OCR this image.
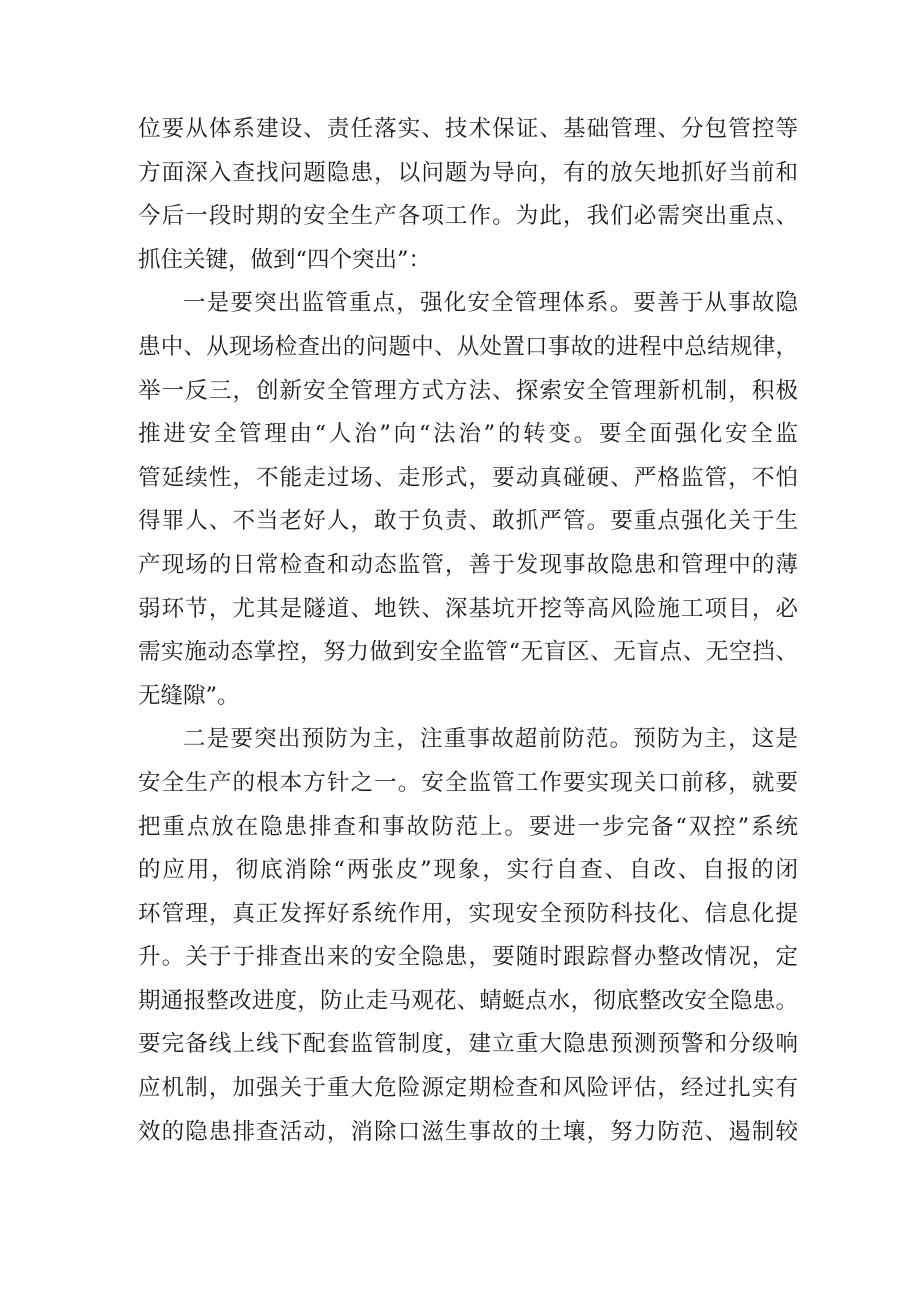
位要从体系建设、责任落实、技术保证、基础管理、分包管控等
方面深入查找问题隐患，以问题为导向，有的放矢地抓好当前和
今后一段时期的安全生产各项工作。为此，我们必需突出重点、
抓住关键，做到“四个突出”：
一是要突出监管重点，强化安全管理体系。要善于从事故隐
患中、从现场检查出的问题中、从处置口事故的进程中总结规律，
举一反三，创新安全管理方式方法、探索安全管理新机制，积极
推进安全管理由“人治”向“法治”的转变。要全面强化安全监
管延续性，不能走过场、走形式，要动真碰硬、严格监管，不怕
得罪人、不当老好人，敢于负责、敢抓严管。要重点强化关于生
产现场的日常检查和动态监管，善于发现事故隐患和管理中的薄
弱环节，尤其是隧道、地铁、深基坑开挖等高风险施工项目，必
需实施动态掌控，努力做到安全监管“无盲区、无盲点、无空挡、
无缝隙”。
二是要突出预防为主，注重事故超前防范。预防为主，这是
安全生产的根本方针之一。安全监管工作要实现关口前移，就要
把重点放在隐患排查和事故防范上。要进一步完备“双控”系统
的应用，彻底消除“两张皮”现象，实行自查、自改、自报的闭
环管理，真正发挥好系统作用，实现安全预防科技化、信息化提
升。关于于排查出来的安全隐患，要随时跟踪督办整改情况，定
期通报整改进度，防止走马观花、蜻蜓点水，彻底整改安全隐患。
要完备线上线下配套监管制度，建立重大隐患预测预警和分级响
应机制，加强关于重大危险源定期检查和风险评估，经过扎实有
效的隐患排查活动，消除口滋生事故的土壤，努力防范、遏制较
